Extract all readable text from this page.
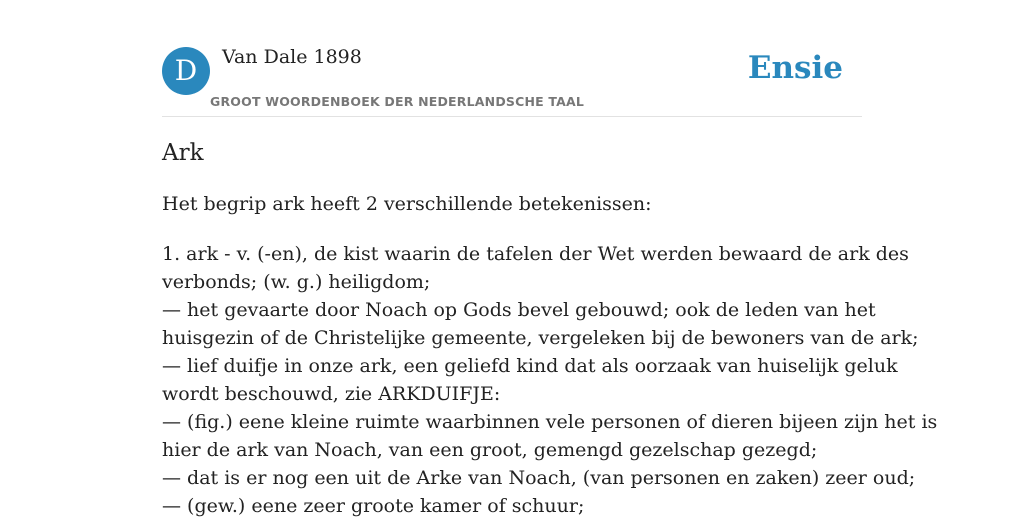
D	Van Dale 1898
GROOT WOORDENBOEK DER NEDERLANDSCHE TAAL
Ensie
Ark

Het begrip ark heeft 2 verschillende betekenissen:

1. ark - v. (-en), de kist waarin de tafelen der Wet werden bewaard de ark des
verbonds; (w. g.) heiligdom;
— het gevaarte door Noach op Gods bevel gebouwd; ook de leden van het
huisgezin of de Christelijke gemeente, vergeleken bij de bewoners van de ark;
— lief duifje in onze ark, een geliefd kind dat als oorzaak van huiselijk geluk
wordt beschouwd, zie ARKDUIFJE:
— (fig.) eene kleine ruimte waarbinnen vele personen of dieren bijeen zijn het is
hier de ark van Noach, van een groot, gemengd gezelschap gezegd;
— dat is er nog een uit de Arke van Noach, (van personen en zaken) zeer oud;
— (gew.) eene zeer groote kamer of schuur;
